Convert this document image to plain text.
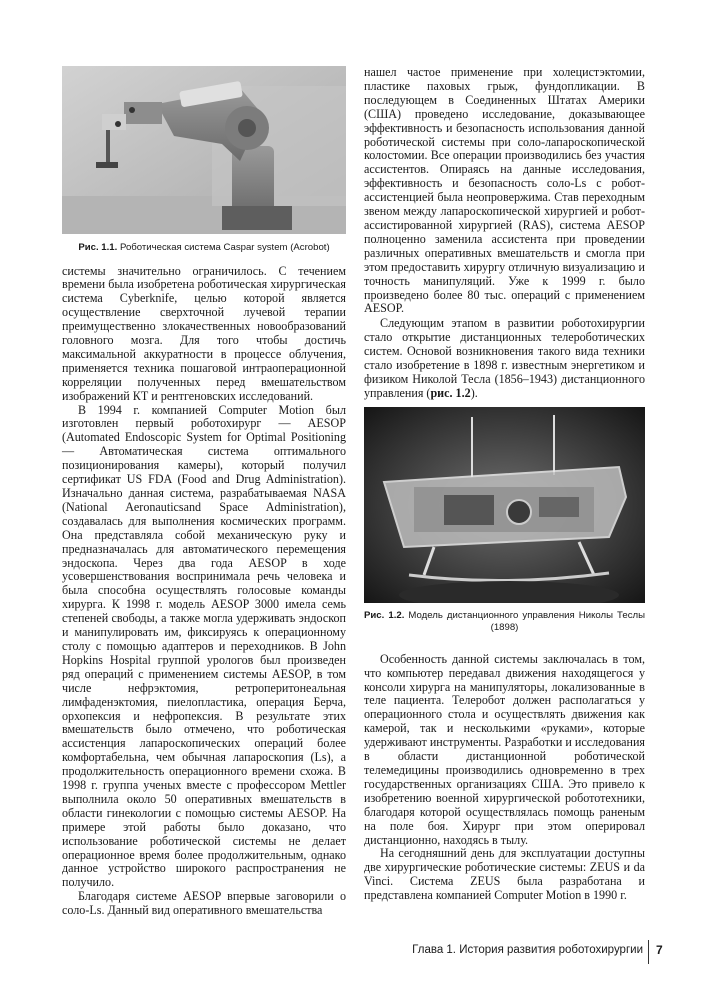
Рис. 1.1. Роботическая система Caspar system (Acrobot)

системы значительно ограничилось. С течением времени была изобретена роботическая хирургическая система Cyberknife, целью которой является осуществление сверхточной лучевой терапии преимущественно злокачественных новообразований головного мозга. Для того чтобы достичь максимальной аккуратности в процессе облучения, применяется техника пошаговой интраоперационной корреляции полученных перед вмешательством изображений КТ и рентгеновских исследований.

В 1994 г. компанией Computer Motion был изготовлен первый роботохирург — AESOP (Automated Endoscopic System for Optimal Positioning — Автоматическая система оптимального позиционирования камеры), который получил сертификат US FDA (Food and Drug Administration). Изначально данная система, разрабатываемая NASA (National Aeronauticsand Space Administration), создавалась для выполнения космических программ. Она представляла собой механическую руку и предназначалась для автоматического перемещения эндоскопа. Через два года AESOP в ходе усовершенствования воспринимала речь человека и была способна осуществлять голосовые команды хирурга. К 1998 г. модель AESOP 3000 имела семь степеней свободы, а также могла удерживать эндоскоп и манипулировать им, фиксируясь к операционному столу с помощью адаптеров и переходников. В John Hopkins Hospital группой урологов был произведен ряд операций с применением системы AESOP, в том числе нефрэктомия, ретроперитонеальная лимфаденэктомия, пиелопластика, операция Берча, орхопексия и нефропексия. В результате этих вмешательств было отмечено, что роботическая ассистенция лапароскопических операций более комфортабельна, чем обычная лапароскопия (Ls), а продолжительность операционного времени схожа. В 1998 г. группа ученых вместе с профессором Mettler выполнила около 50 оперативных вмешательств в области гинекологии с помощью системы AESOP. На примере этой работы было доказано, что использование роботической системы не делает операционное время более продолжительным, однако данное устройство широкого распространения не получило.

Благодаря системе AESOP впервые заговорили о соло-Ls. Данный вид оперативного вмешательства

нашел частое применение при холецистэктомии, пластике паховых грыж, фундопликации. В последующем в Соединенных Штатах Америки (США) проведено исследование, доказывающее эффективность и безопасность использования данной роботической системы при соло-лапароскопической колостомии. Все операции производились без участия ассистентов. Опираясь на данные исследования, эффективность и безопасность соло-Ls с робот-ассистенцией была неопровержима. Став переходным звеном между лапароскопической хирургией и робот-ассистированной хирургией (RAS), система AESOP полноценно заменила ассистента при проведении различных оперативных вмешательств и смогла при этом предоставить хирургу отличную визуализацию и точность манипуляций. Уже к 1999 г. было произведено более 80 тыс. операций с применением AESOP.

Следующим этапом в развитии роботохирургии стало открытие дистанционных телероботических систем. Основой возникновения такого вида техники стало изобретение в 1898 г. известным энергетиком и физиком Николой Тесла (1856–1943) дистанционного управления (рис. 1.2).

Рис. 1.2. Модель дистанционного управления Николы Теслы (1898)

Особенность данной системы заключалась в том, что компьютер передавал движения находящегося у консоли хирурга на манипуляторы, локализованные в теле пациента. Телеробот должен располагаться у операционного стола и осуществлять движения как камерой, так и несколькими «руками», которые удерживают инструменты. Разработки и исследования в области дистанционной роботической телемедицины производились одновременно в трех государственных организациях США. Это привело к изобретению военной хирургической робототехники, благодаря которой осуществлялась помощь раненым на поле боя. Хирург при этом оперировал дистанционно, находясь в тылу.

На сегодняшний день для эксплуатации доступны две хирургические роботические системы: ZEUS и da Vinci. Система ZEUS была разработана и представлена компанией Computer Motion в 1990 г.

Глава 1. История развития роботохирургии 7
